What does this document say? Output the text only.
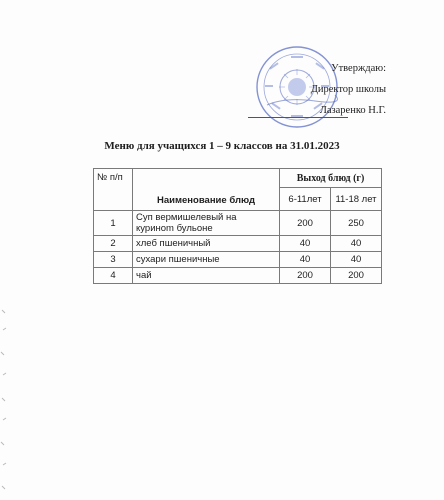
Утверждаю:
Директор школы
Лазаренко Н.Г.
Меню для учащихся 1 – 9 классов на 31.01.2023
№ п/п	Наименование блюд	Выход блюд (г)	
		6-11лет	11-18 лет
1	Суп вермишелевый на куриноm бульоне	200	250
2	хлеб пшеничный	40	40
3	сухари пшеничные	40	40
4	чай	200	200
